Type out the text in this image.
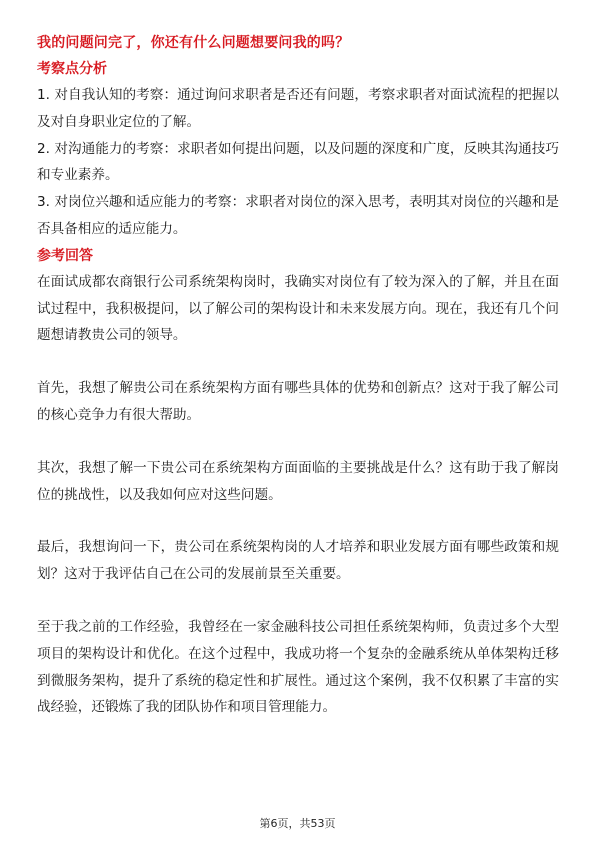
我的问题问完了，你还有什么问题想要问我的吗？

考察点分析

1. 对自我认知的考察：通过询问求职者是否还有问题，考察求职者对面试流程的把握以及对自身职业定位的了解。

2. 对沟通能力的考察：求职者如何提出问题，以及问题的深度和广度，反映其沟通技巧和专业素养。

3. 对岗位兴趣和适应能力的考察：求职者对岗位的深入思考，表明其对岗位的兴趣和是否具备相应的适应能力。

参考回答

在面试成都农商银行公司系统架构岗时，我确实对岗位有了较为深入的了解，并且在面试过程中，我积极提问，以了解公司的架构设计和未来发展方向。现在，我还有几个问题想请教贵公司的领导。

首先，我想了解贵公司在系统架构方面有哪些具体的优势和创新点？这对于我了解公司的核心竞争力有很大帮助。

其次，我想了解一下贵公司在系统架构方面面临的主要挑战是什么？这有助于我了解岗位的挑战性，以及我如何应对这些问题。

最后，我想询问一下，贵公司在系统架构岗的人才培养和职业发展方面有哪些政策和规划？这对于我评估自己在公司的发展前景至关重要。

至于我之前的工作经验，我曾经在一家金融科技公司担任系统架构师，负责过多个大型项目的架构设计和优化。在这个过程中，我成功将一个复杂的金融系统从单体架构迁移到微服务架构，提升了系统的稳定性和扩展性。通过这个案例，我不仅积累了丰富的实战经验，还锻炼了我的团队协作和项目管理能力。

第6页，共53页
